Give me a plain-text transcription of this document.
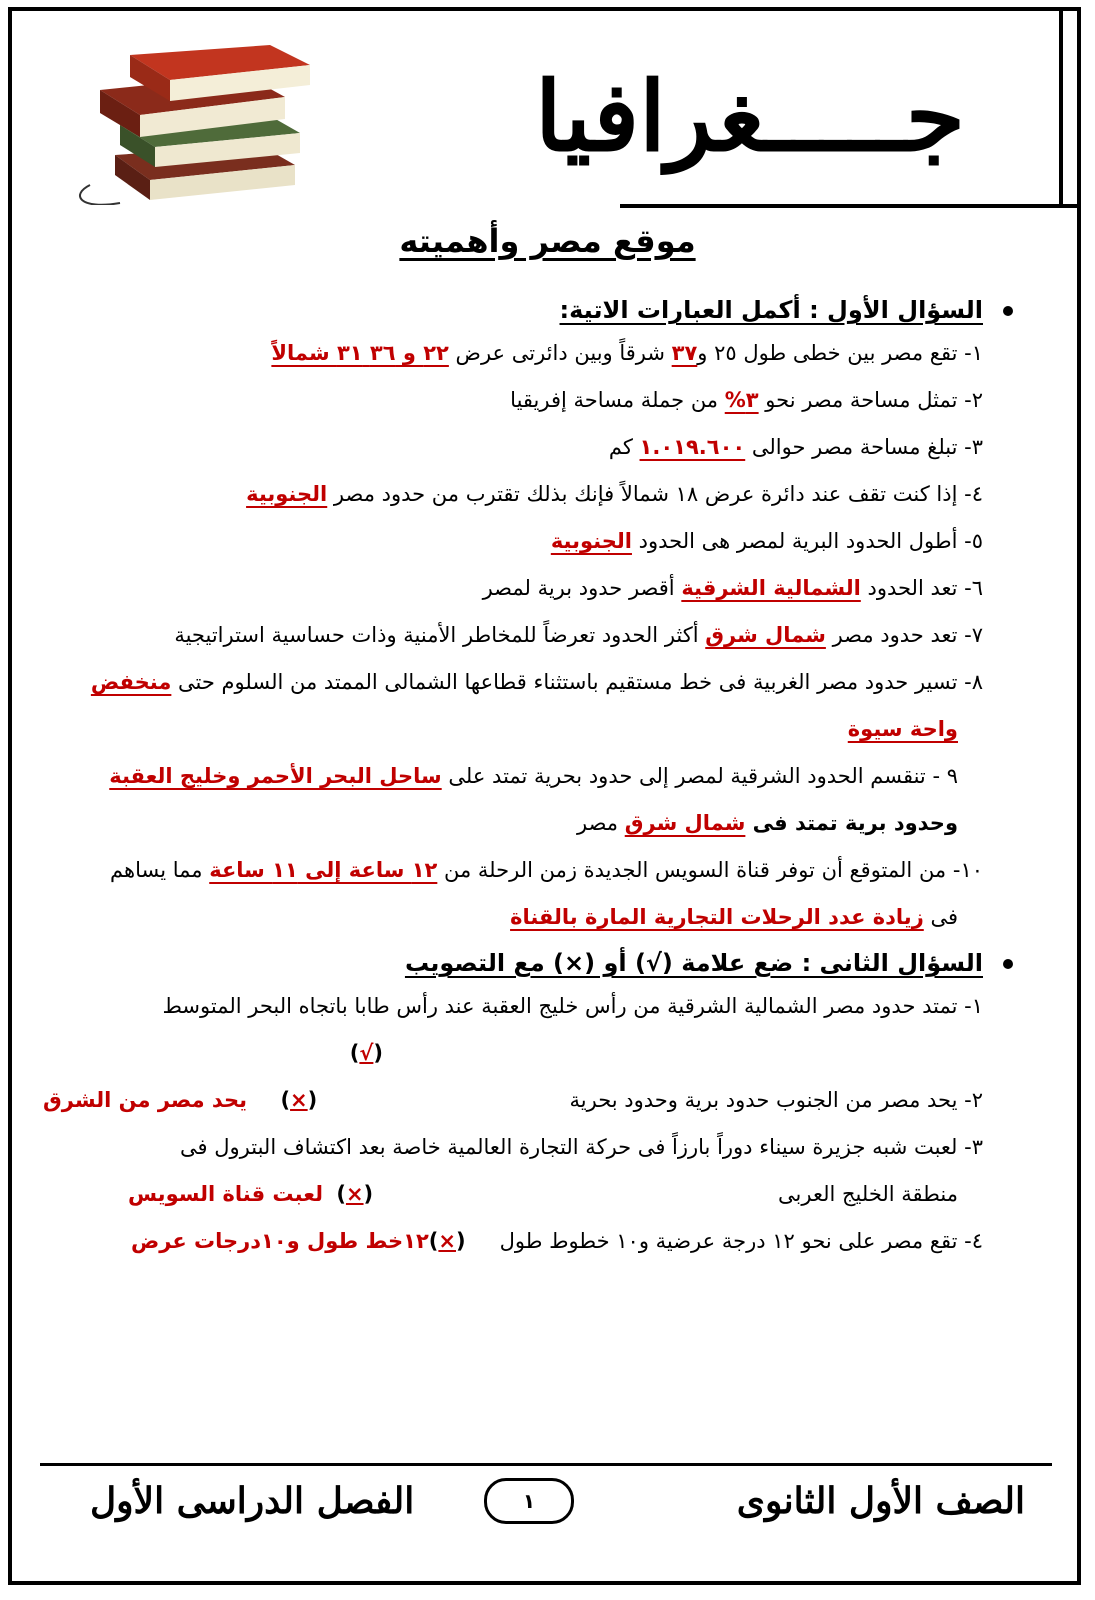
جـــــغرافيا
موقع مصر وأهميته
السؤال الأول : أكمل العبارات الاتية:
١- تقع مصر بين خطى طول ٢٥ و٣٧ شرقاً وبين دائرتى عرض ٢٢ و ٣٦ ٣١ شمالاً
٢- تمثل مساحة مصر نحو ٣% من جملة مساحة إفريقيا
٣- تبلغ مساحة مصر حوالى ١.٠١٩.٦٠٠ كم
٤- إذا كنت تقف عند دائرة عرض ١٨ شمالاً فإنك بذلك تقترب من حدود مصر الجنوبية
٥- أطول الحدود البرية لمصر هى الحدود الجنوبية
٦- تعد الحدود الشمالية الشرقية أقصر حدود برية لمصر
٧- تعد حدود مصر شمال شرق أكثر الحدود تعرضاً للمخاطر الأمنية وذات حساسية استراتيجية
٨- تسير حدود مصر الغربية فى خط مستقيم باستثناء قطاعها الشمالى الممتد من السلوم حتى منخفض
واحة سيوة
٩ - تنقسم الحدود الشرقية لمصر إلى حدود بحرية تمتد على ساحل البحر الأحمر وخليج العقبة
وحدود برية تمتد فى شمال شرق مصر
١٠- من المتوقع أن توفر قناة السويس الجديدة زمن الرحلة من ١٢ ساعة إلى ١١ ساعة مما يساهم
فى زيادة عدد الرحلات التجارية المارة بالقناة
السؤال الثانى : ضع علامة (√) أو (×) مع التصويب
١- تمتد حدود مصر الشمالية الشرقية من رأس خليج العقبة عند رأس طابا باتجاه البحر المتوسط
(√)
٢- يحد مصر من الجنوب حدود برية وحدود بحرية
(×)     يحد مصر من الشرق
٣- لعبت شبه جزيرة سيناء دوراً بارزاً فى حركة التجارة العالمية خاصة بعد اكتشاف البترول فى
منطقة الخليج العربى
(×)  لعبت قناة السويس
٤- تقع مصر على نحو ١٢ درجة عرضية و١٠ خطوط طول
(×)١٢خط طول و١٠درجات عرض
الصف الأول الثانوى
١
الفصل الدراسى الأول
